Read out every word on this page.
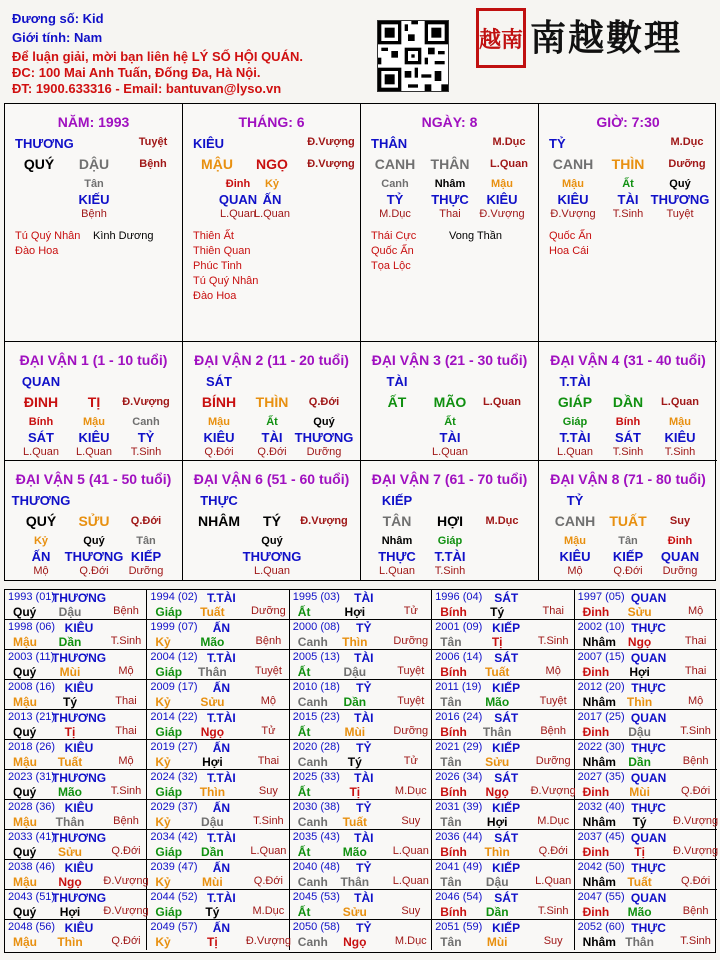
Đương số: Kid
Giới tính: Nam
Để luận giải, mời bạn liên hệ LÝ SỐ HỘI QUÁN.
ĐC: 100 Mai Anh Tuấn, Đống Đa, Hà Nội.
ĐT: 1900.633316 - Email: bantuvan@lyso.vn
越南 南越數理
NĂM: 1993
THƯƠNG	Tuyệt
QUÝ DẬU	Bệnh
Tân
KIẾU
Bệnh
Tú Quý Nhân
Đào Hoa
Kình Dương
THÁNG: 6
KIÊU	Đ.Vượng
MẬU NGỌ Đ.Vượng
Đinh
QUAN
L.Quan
Kỷ
ẤN
L.Quan
Thiên Ất
Thiên Quan
Phúc Tinh
Tú Quý Nhân
Đào Hoa
NGÀY: 8
THÂN	M.Dục
CANH THÂN L.Quan
Canh
TỶ
M.Dục
Nhâm
THỰC
Thai
Mậu
KIÊU
Đ.Vượng
Thái Cực
Quốc Ấn
Tọa Lộc
Vong Thần
GIỜ: 7:30
TỶ	M.Dục
CANH THÌN Dưỡng
Mậu
KIÊU
Đ.Vượng
Ất
TÀI
T.Sinh
Quý
THƯƠNG
Tuyệt
Quốc Ấn
Hoa Cái
ĐẠI VẬN 1 (1 - 10 tuổi)
QUAN
ĐINH TỊ Đ.Vượng
Bính
SÁT
L.Quan
Mậu
KIÊU
L.Quan
Canh
TỶ
T.Sinh
ĐẠI VẬN 2 (11 - 20 tuổi)
SÁT
BÍNH THÌN Q.Đới
Mậu
KIÊU
Q.Đới
Ất
TÀI
Q.Đới
Quý
THƯƠNG
Dưỡng
ĐẠI VẬN 3 (21 - 30 tuổi)
TÀI
ẤT MÃO L.Quan
Ất
TÀI
L.Quan
ĐẠI VẬN 4 (31 - 40 tuổi)
T.TÀI
GIÁP DẦN L.Quan
Giáp
T.TÀI
L.Quan
Bính
SÁT
T.Sinh
Mậu
KIÊU
T.Sinh
ĐẠI VẬN 5 (41 - 50 tuổi)
THƯƠNG
QUÝ SỬU Q.Đới
Kỷ
ẤN
Mộ
Quý
THƯƠNG
Q.Đới
Tân
KIẾP
Dưỡng
ĐẠI VẬN 6 (51 - 60 tuổi)
THỰC
NHÂM TÝ Đ.Vượng
Quý
THƯƠNG
L.Quan
ĐẠI VẬN 7 (61 - 70 tuổi)
KIẾP
TÂN HỢI M.Dục
Nhâm
THỰC
L.Quan
Giáp
T.TÀI
T.Sinh
ĐẠI VẬN 8 (71 - 80 tuổi)
TỶ
CANH TUẤT Suy
Mậu
KIÊU
Mộ
Tân
KIẾP
Q.Đới
Đinh
QUAN
Dưỡng
1993 (01)
THƯƠNG
Quý Dậu	Bệnh
1994 (02) T.TÀI
Giáp Tuất Dưỡng
1995 (03) TÀI
Ất	Hợi	Tử
1996 (04) SÁT
Bính Tý	Thai
1997 (05) QUAN
Đinh Sửu	Mộ
1998 (06) KIÊU
Mậu Dần	T.Sinh
1999 (07) ẤN
Kỷ Mão	Bệnh
2000 (08) TỶ
Canh Thìn Dưỡng
2001 (09) KIẾP
Tân	Tị	T.Sinh
2002 (10) THỰC
Nhâm Ngọ	Thai
2003 (11)
THƯƠNG
Quý Mùi	Mộ
2004 (12) T.TÀI
Giáp Thân	Tuyệt
2005 (13) TÀI
Ất	Dậu	Tuyệt
2006 (14) SÁT
Bính Tuất	Mộ
2007 (15) QUAN
Đinh Hợi	Thai
2008 (16) KIÊU
Mậu Tý	Thai
2009 (17) ẤN
Kỷ Sửu	Mộ
2010 (18) TỶ
Canh Dần	Tuyệt
2011 (19) KIẾP
Tân Mão	Tuyệt
2012 (20) THỰC
Nhâm Thìn	Mộ
2013 (21)
THƯƠNG
Quý Tị	Thai
2014 (22) T.TÀI
Giáp Ngọ	Tử
2015 (23) TÀI
Ất	Mùi	Dưỡng
2016 (24) SÁT
Bính Thân	Bệnh
2017 (25) QUAN
Đinh Dậu	T.Sinh
2018 (26) KIÊU
Mậu Tuất	Mộ
2019 (27) ẤN
Kỷ	Hợi	Thai
2020 (28) TỶ
Canh Tý	Tử
2021 (29) KIẾP
Tân Sửu Dưỡng
2022 (30) THỰC
Nhâm Dần	Bệnh
2023 (31)
THƯƠNG
Quý Mão	T.Sinh
2024 (32) T.TÀI
Giáp Thìn	Suy
2025 (33) TÀI
Ất	Tị	M.Dục
2026 (34) SÁT
Bính Ngọ Đ.Vượng
2027 (35) QUAN
Đinh Mùi	Q.Đới
2028 (36) KIÊU
Mậu Thân	Bệnh
2029 (37) ẤN
Kỷ	Dậu	T.Sinh
2030 (38) TỶ
Canh Tuất	Suy
2031 (39) KIẾP
Tân Hợi	M.Dục
2032 (40) THỰC
Nhâm Tý Đ.Vượng
2033 (41)
THƯƠNG
Quý Sửu	Q.Đới
2034 (42) T.TÀI
Giáp Dần L.Quan
2035 (43) TÀI
Ất	Mão L.Quan
2036 (44) SÁT
Bính Thìn	Q.Đới
2037 (45) QUAN
Đinh Tị	Đ.Vượng
2038 (46) KIÊU
Mậu Ngọ Đ.Vượng
2039 (47) ẤN
Kỷ	Mùi	Q.Đới
2040 (48) TỶ
Canh Thân L.Quan
2041 (49) KIẾP
Tân Dậu L.Quan
2042 (50) THỰC
Nhâm Tuất	Q.Đới
2043 (51)
THƯƠNG
Quý Hợi Đ.Vượng
2044 (52) T.TÀI
Giáp Tý	M.Dục
2045 (53) TÀI
Ất	Sửu	Suy
2046 (54) SÁT
Bính Dần	T.Sinh
2047 (55) QUAN
Đinh Mão	Bệnh
2048 (56) KIÊU
Mậu Thìn	Q.Đới
2049 (57) ẤN
Kỷ	Tị	Đ.Vượng
2050 (58) TỶ
Canh Ngọ	M.Dục
2051 (59) KIẾP
Tân Mùi	Suy
2052 (60) THỰC
Nhâm Thân T.Sinh
